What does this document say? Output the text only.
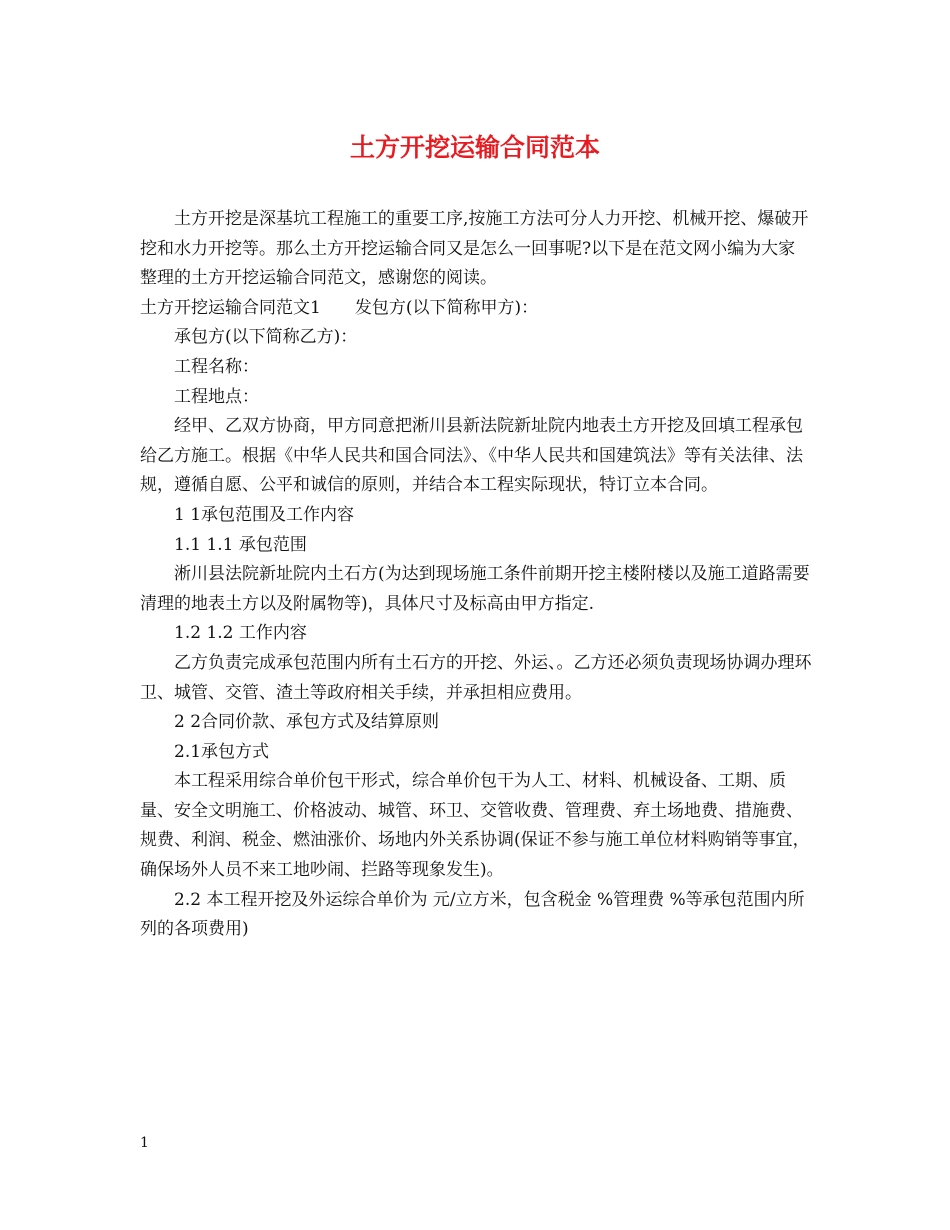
土方开挖运输合同范本

土方开挖是深基坑工程施工的重要工序,按施工方法可分人力开挖、机械开挖、爆破开挖和水力开挖等。那么土方开挖运输合同又是怎么一回事呢?以下是在范文网小编为大家整理的土方开挖运输合同范文，感谢您的阅读。

土方开挖运输合同范文1　　发包方(以下简称甲方)：

承包方(以下简称乙方)：

工程名称：

工程地点：

经甲、乙双方协商，甲方同意把淅川县新法院新址院内地表土方开挖及回填工程承包给乙方施工。根据《中华人民共和国合同法》、《中华人民共和国建筑法》等有关法律、法规，遵循自愿、公平和诚信的原则，并结合本工程实际现状，特订立本合同。

1 1承包范围及工作内容

1.1 1.1 承包范围

淅川县法院新址院内土石方(为达到现场施工条件前期开挖主楼附楼以及施工道路需要清理的地表土方以及附属物等)，具体尺寸及标高由甲方指定.

1.2 1.2 工作内容

乙方负责完成承包范围内所有土石方的开挖、外运、。乙方还必须负责现场协调办理环卫、城管、交管、渣土等政府相关手续，并承担相应费用。

2 2合同价款、承包方式及结算原则

2.1承包方式

本工程采用综合单价包干形式，综合单价包干为人工、材料、机械设备、工期、质量、安全文明施工、价格波动、城管、环卫、交管收费、管理费、弃土场地费、措施费、规费、利润、税金、燃油涨价、场地内外关系协调(保证不参与施工单位材料购销等事宜，确保场外人员不来工地吵闹、拦路等现象发生)。

2.2 本工程开挖及外运综合单价为 元/立方米，包含税金 %管理费 %等承包范围内所列的各项费用)

1
